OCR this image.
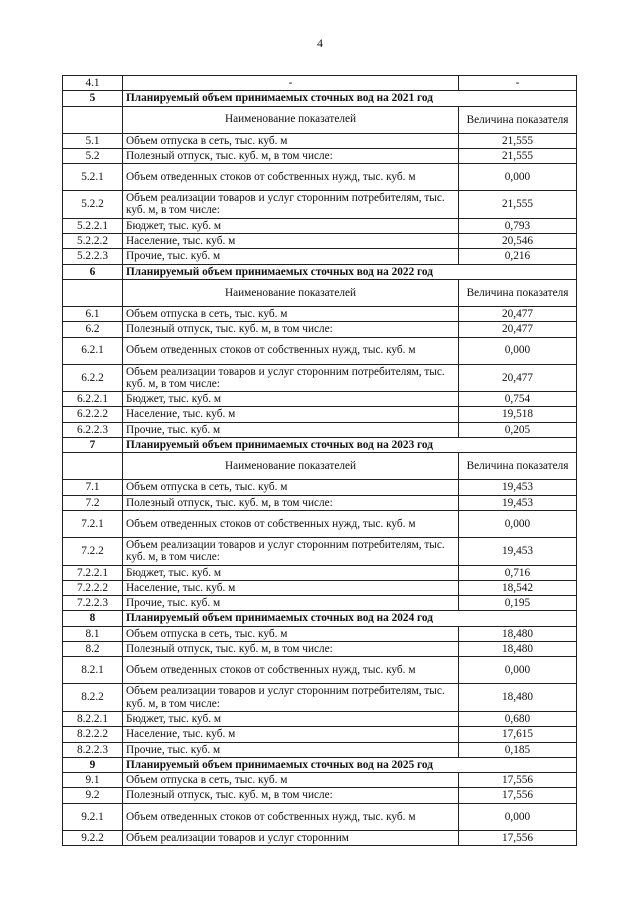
4
4.1	-	-
5	Планируемый объем принимаемых сточных вод на 2021 год	
	Наименование показателей	Величина показателя
5.1	Объем отпуска в сеть, тыс. куб. м	21,555
5.2	Полезный отпуск, тыс. куб. м, в том числе:	21,555
5.2.1	Объем отведенных стоков от собственных нужд, тыс. куб. м	0,000
5.2.2	Объем реализации товаров и услуг сторонним потребителям, тыс. куб. м, в том числе:	21,555
5.2.2.1	Бюджет, тыс. куб. м	0,793
5.2.2.2	Население, тыс. куб. м	20,546
5.2.2.3	Прочие, тыс. куб. м	0,216
6	Планируемый объем принимаемых сточных вод на 2022 год	
	Наименование показателей	Величина показателя
6.1	Объем отпуска в сеть, тыс. куб. м	20,477
6.2	Полезный отпуск, тыс. куб. м, в том числе:	20,477
6.2.1	Объем отведенных стоков от собственных нужд, тыс. куб. м	0,000
6.2.2	Объем реализации товаров и услуг сторонним потребителям, тыс. куб. м, в том числе:	20,477
6.2.2.1	Бюджет, тыс. куб. м	0,754
6.2.2.2	Население, тыс. куб. м	19,518
6.2.2.3	Прочие, тыс. куб. м	0,205
7	Планируемый объем принимаемых сточных вод на 2023 год	
	Наименование показателей	Величина показателя
7.1	Объем отпуска в сеть, тыс. куб. м	19,453
7.2	Полезный отпуск, тыс. куб. м, в том числе:	19,453
7.2.1	Объем отведенных стоков от собственных нужд, тыс. куб. м	0,000
7.2.2	Объем реализации товаров и услуг сторонним потребителям, тыс. куб. м, в том числе:	19,453
7.2.2.1	Бюджет, тыс. куб. м	0,716
7.2.2.2	Население, тыс. куб. м	18,542
7.2.2.3	Прочие, тыс. куб. м	0,195
8	Планируемый объем принимаемых сточных вод на 2024 год	
8.1	Объем отпуска в сеть, тыс. куб. м	18,480
8.2	Полезный отпуск, тыс. куб. м, в том числе:	18,480
8.2.1	Объем отведенных стоков от собственных нужд, тыс. куб. м	0,000
8.2.2	Объем реализации товаров и услуг сторонним потребителям, тыс. куб. м, в том числе:	18,480
8.2.2.1	Бюджет, тыс. куб. м	0,680
8.2.2.2	Население, тыс. куб. м	17,615
8.2.2.3	Прочие, тыс. куб. м	0,185
9	Планируемый объем принимаемых сточных вод на 2025 год	
9.1	Объем отпуска в сеть, тыс. куб. м	17,556
9.2	Полезный отпуск, тыс. куб. м, в том числе:	17,556
9.2.1	Объем отведенных стоков от собственных нужд, тыс. куб. м	0,000
9.2.2	Объем реализации товаров и услуг сторонним	17,556
